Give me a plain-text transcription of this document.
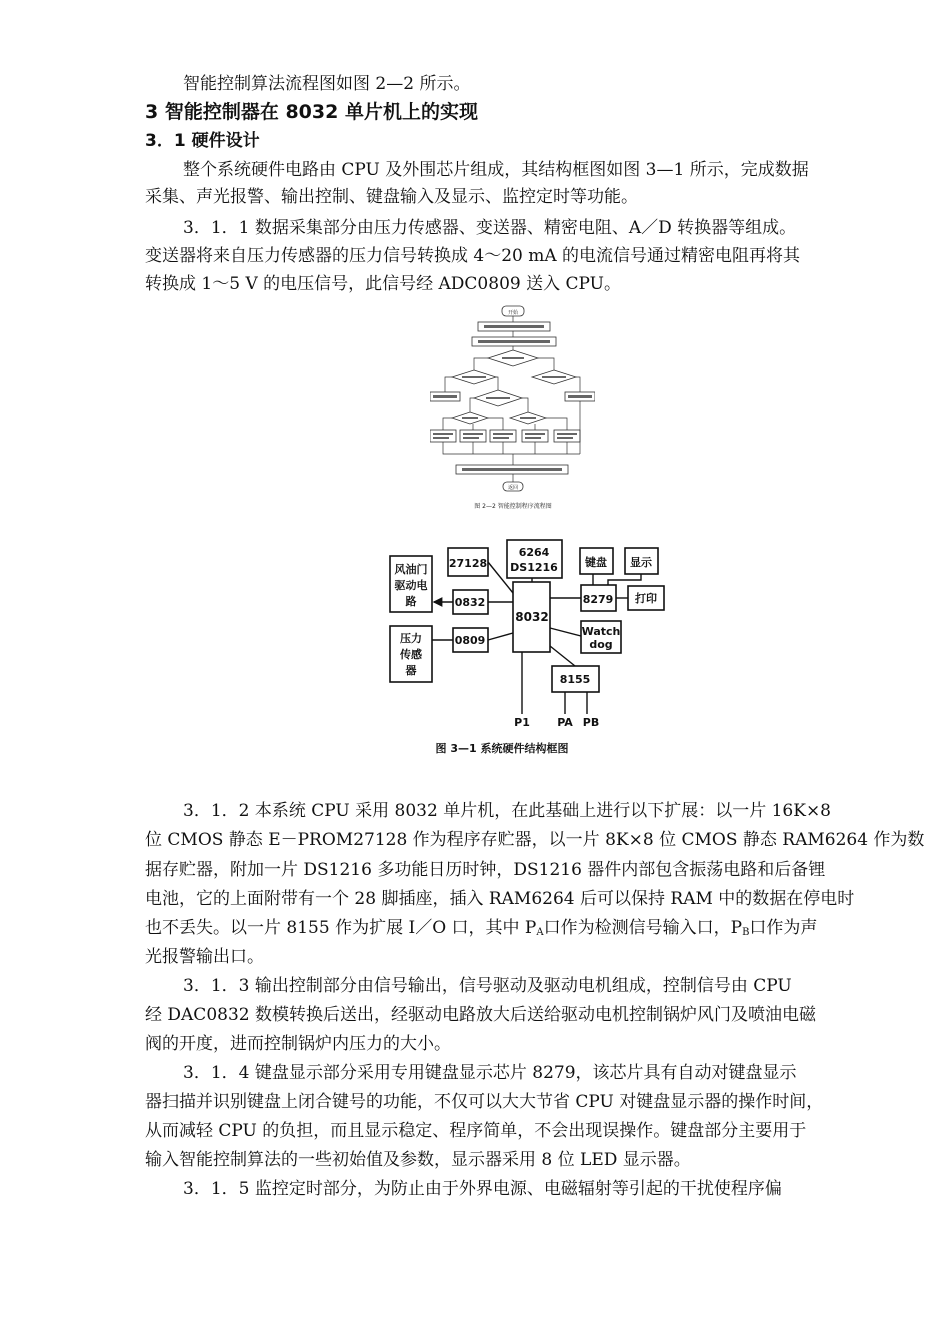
智能控制算法流程图如图 2—2 所示。
3 智能控制器在 8032 单片机上的实现
3．1 硬件设计
整个系统硬件电路由 CPU 及外围芯片组成，其结构框图如图 3—1 所示，完成数据
采集、声光报警、输出控制、键盘输入及显示、监控定时等功能。
3．1．1 数据采集部分由压力传感器、变送器、精密电阻、A／D 转换器等组成。
变送器将来自压力传感器的压力信号转换成 4～20 mA 的电流信号通过精密电阻再将其
转换成 1～5 V 的电压信号，此信号经 ADC0809 送入 CPU。
开始
返回
图 2—2 智能控制程序流程图
8032
27128
6264
DS1216
0832
0809
8279
Watch
dog
8155
键盘 显示
打印
风油门
驱动电
路
压力
传感
器
P1 PA PB
图 3—1 系统硬件结构框图
3．1．2 本系统 CPU 采用 8032 单片机，在此基础上进行以下扩展：以一片 16K×8
位 CMOS 静态 E－PROM27128 作为程序存贮器，以一片 8K×8 位 CMOS 静态 RAM6264 作为数
据存贮器，附加一片 DS1216 多功能日历时钟，DS1216 器件内部包含振荡电路和后备锂
电池，它的上面附带有一个 28 脚插座，插入 RAM6264 后可以保持 RAM 中的数据在停电时
也不丢失。以一片 8155 作为扩展 I／O 口，其中 $P_A$口作为检测信号输入口，$P_B$口作为声
光报警输出口。
3．1．3 输出控制部分由信号输出，信号驱动及驱动电机组成，控制信号由 CPU
经 DAC0832 数模转换后送出，经驱动电路放大后送给驱动电机控制锅炉风门及喷油电磁
阀的开度，进而控制锅炉内压力的大小。
3．1．4 键盘显示部分采用专用键盘显示芯片 8279，该芯片具有自动对键盘显示
器扫描并识别键盘上闭合键号的功能，不仅可以大大节省 CPU 对键盘显示器的操作时间，
从而减轻 CPU 的负担，而且显示稳定、程序简单，不会出现误操作。键盘部分主要用于
输入智能控制算法的一些初始值及参数，显示器采用 8 位 LED 显示器。
3．1．5 监控定时部分，为防止由于外界电源、电磁辐射等引起的干扰使程序偏
